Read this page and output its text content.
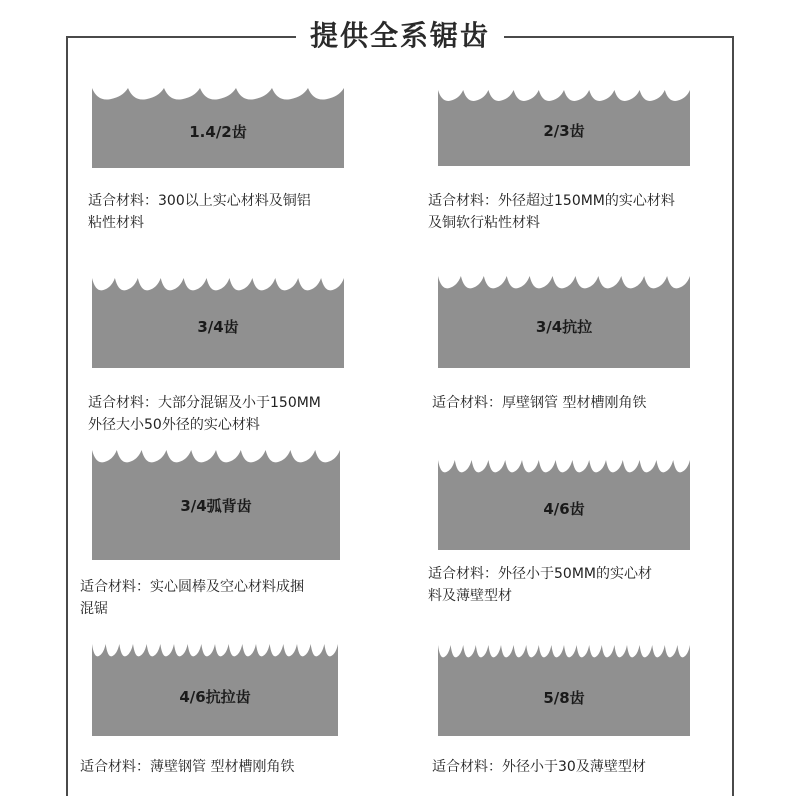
提供全系锯齿
1.4/2齿
适合材料：300以上实心材料及铜铝
粘性材料
2/3齿
适合材料：外径超过150MM的实心材料
及铜软行粘性材料
3/4齿
适合材料：大部分混锯及小于150MM
外径大小50外径的实心材料
3/4抗拉
适合材料：厚壁钢管 型材槽刚角铁
3/4弧背齿
适合材料：实心圆棒及空心材料成捆
混锯
4/6齿
适合材料：外径小于50MM的实心材
料及薄壁型材
4/6抗拉齿
适合材料：薄壁钢管 型材槽刚角铁
5/8齿
适合材料：外径小于30及薄壁型材
